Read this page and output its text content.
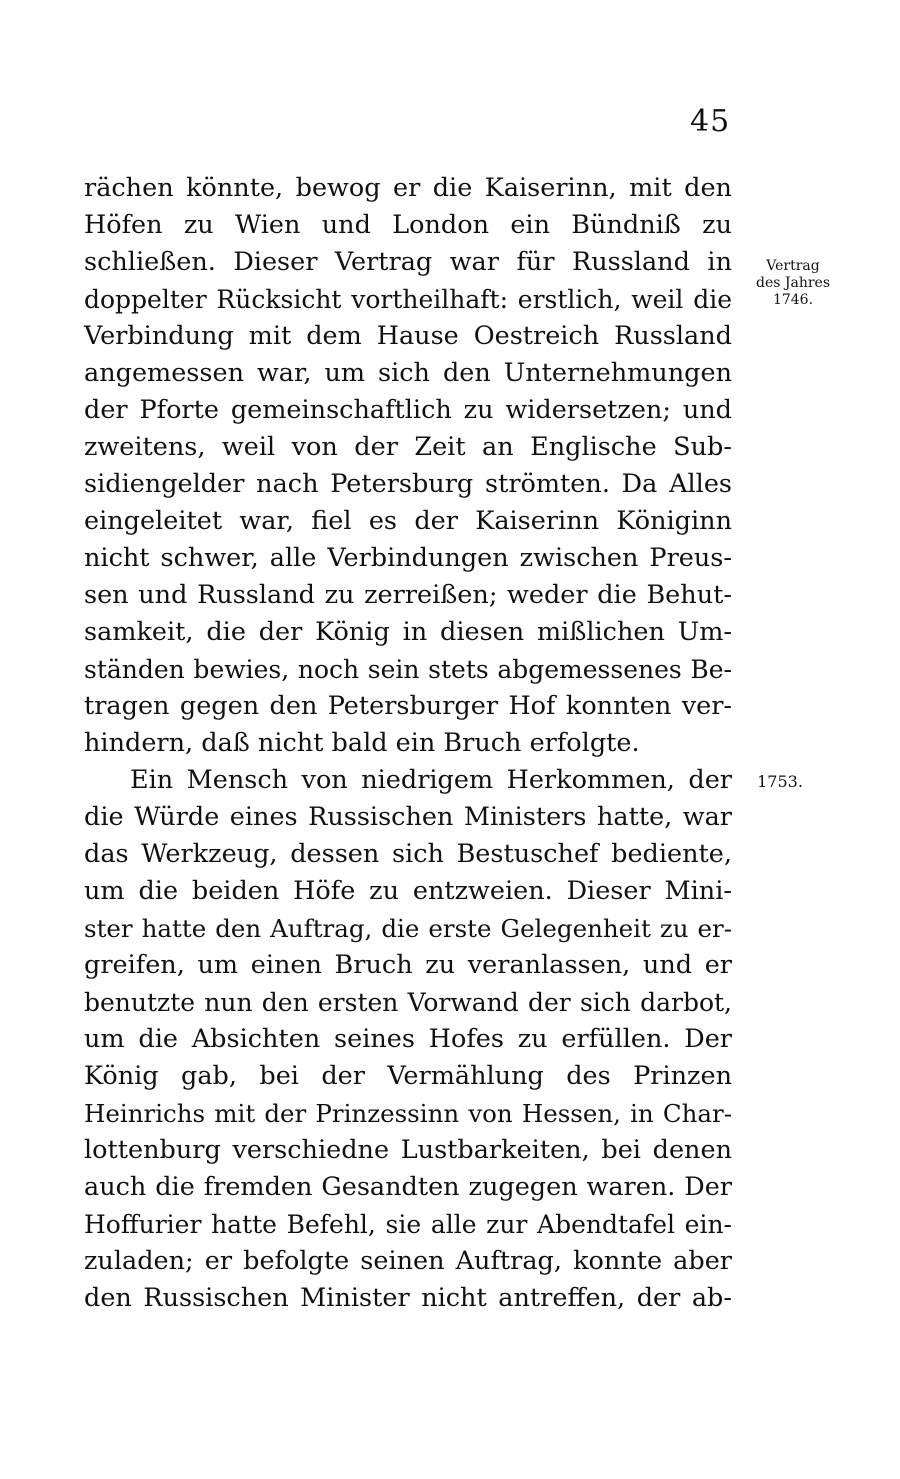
45
rächen könnte, bewog er die Kaiserinn, mit den
Höfen zu Wien und London ein Bündniß zu
schließen. Dieser Vertrag war für Russland in
doppelter Rücksicht vortheilhaft: erstlich, weil die
Verbindung mit dem Hause Oestreich Russland
angemessen war, um sich den Unternehmungen
der Pforte gemeinschaftlich zu widersetzen; und
zweitens, weil von der Zeit an Englische Sub-
sidiengelder nach Petersburg strömten. Da Alles
eingeleitet war, fiel es der Kaiserinn Königinn
nicht schwer, alle Verbindungen zwischen Preus-
sen und Russland zu zerreißen; weder die Behut-
samkeit, die der König in diesen mißlichen Um-
ständen bewies, noch sein stets abgemessenes Be-
tragen gegen den Petersburger Hof konnten ver-
hindern, daß nicht bald ein Bruch erfolgte.
Ein Mensch von niedrigem Herkommen, der
die Würde eines Russischen Ministers hatte, war
das Werkzeug, dessen sich Bestuschef bediente,
um die beiden Höfe zu entzweien. Dieser Mini-
ster hatte den Auftrag, die erste Gelegenheit zu er-
greifen, um einen Bruch zu veranlassen, und er
benutzte nun den ersten Vorwand der sich darbot,
um die Absichten seines Hofes zu erfüllen. Der
König gab, bei der Vermählung des Prinzen
Heinrichs mit der Prinzessinn von Hessen, in Char-
lottenburg verschiedne Lustbarkeiten, bei denen
auch die fremden Gesandten zugegen waren. Der
Hoffurier hatte Befehl, sie alle zur Abendtafel ein-
zuladen; er befolgte seinen Auftrag, konnte aber
den Russischen Minister nicht antreffen, der ab-
Vertrag
des Jahres
1746.
1753.
